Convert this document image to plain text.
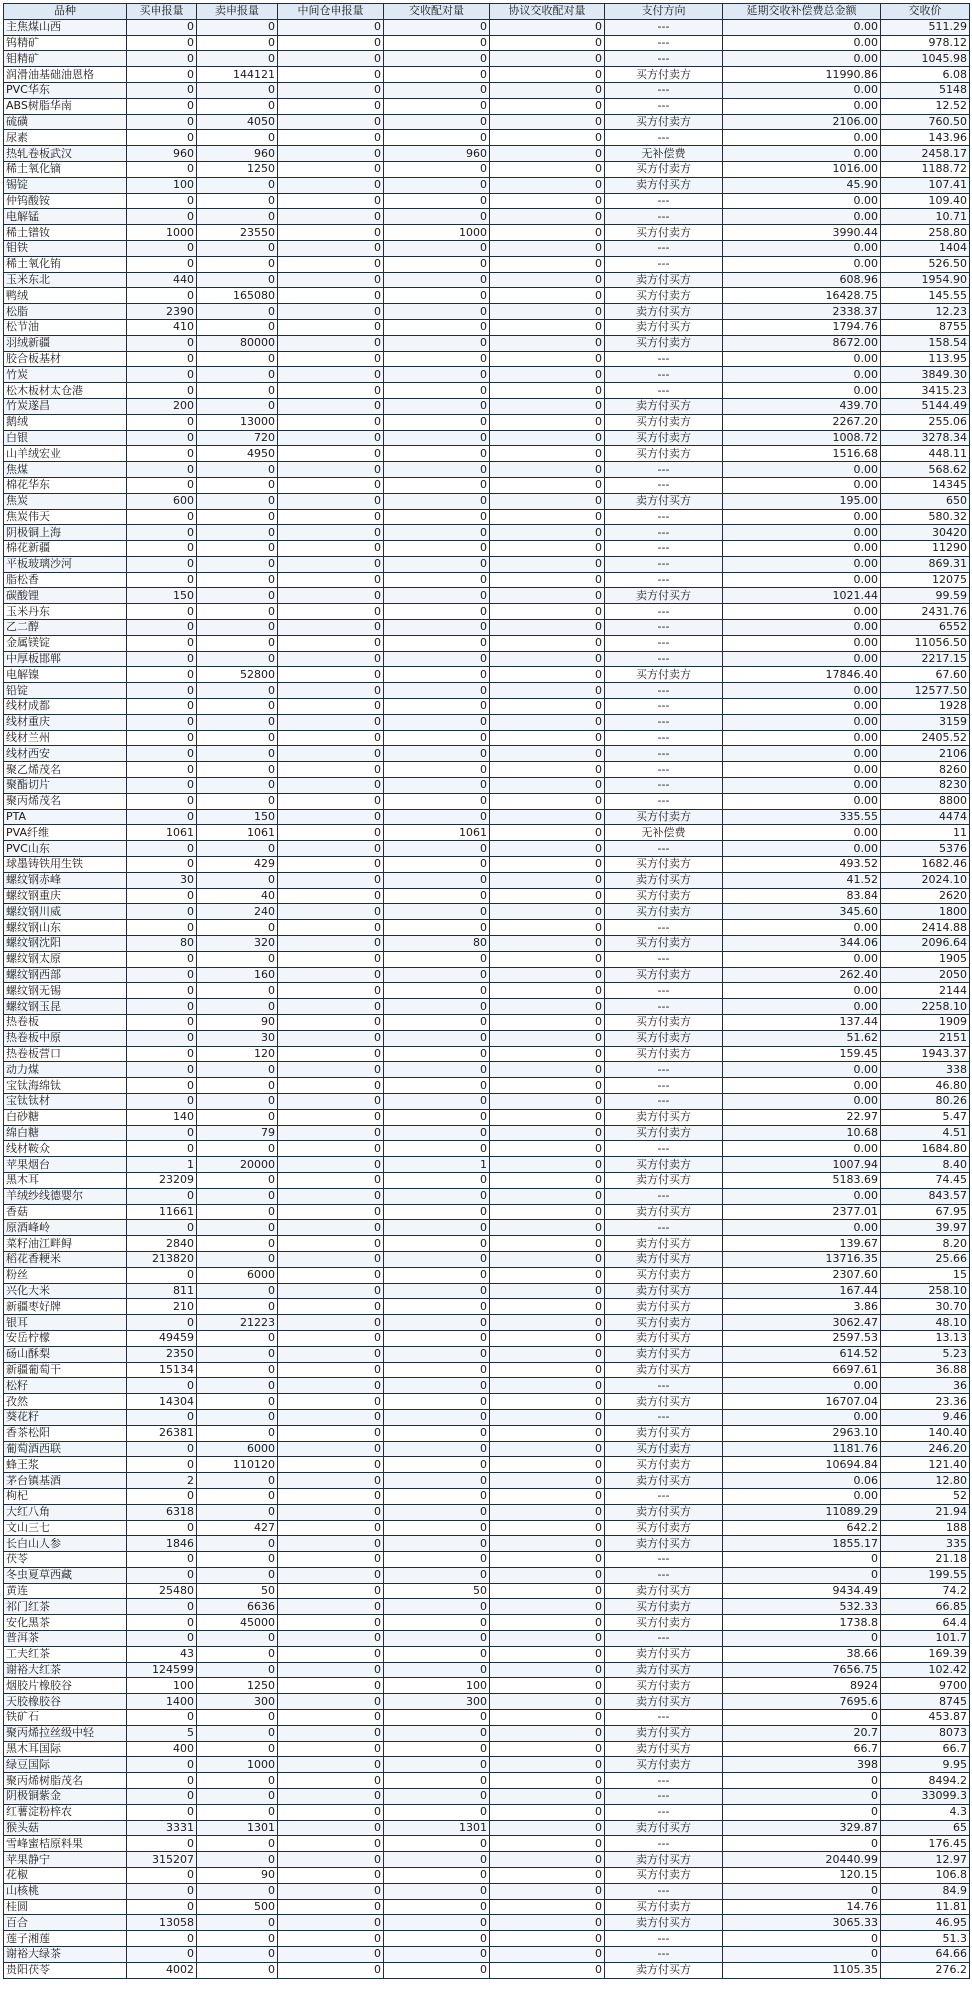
品种	买申报量	卖申报量	中间仓申报量	交收配对量	协议交收配对量	支付方向	延期交收补偿费总金额	交收价
主焦煤山西	0	0	0	0	0	---	0.00	511.29
钨精矿	0	0	0	0	0	---	0.00	978.12
钼精矿	0	0	0	0	0	---	0.00	1045.98
润滑油基础油恩格	0	144121	0	0	0	买方付卖方	11990.86	6.08
PVC华东	0	0	0	0	0	---	0.00	5148
ABS树脂华南	0	0	0	0	0	---	0.00	12.52
硫磺	0	4050	0	0	0	买方付卖方	2106.00	760.50
尿素	0	0	0	0	0	---	0.00	143.96
热轧卷板武汉	960	960	0	960	0	无补偿费	0.00	2458.17
稀土氧化镝	0	1250	0	0	0	买方付卖方	1016.00	1188.72
锡锭	100	0	0	0	0	卖方付买方	45.90	107.41
仲钨酸铵	0	0	0	0	0	---	0.00	109.40
电解锰	0	0	0	0	0	---	0.00	10.71
稀土镨钕	1000	23550	0	1000	0	买方付卖方	3990.44	258.80
钼铁	0	0	0	0	0	---	0.00	1404
稀土氧化铕	0	0	0	0	0	---	0.00	526.50
玉米东北	440	0	0	0	0	卖方付买方	608.96	1954.90
鸭绒	0	165080	0	0	0	买方付卖方	16428.75	145.55
松脂	2390	0	0	0	0	卖方付买方	2338.37	12.23
松节油	410	0	0	0	0	卖方付买方	1794.76	8755
羽绒新疆	0	80000	0	0	0	买方付卖方	8672.00	158.54
胶合板基材	0	0	0	0	0	---	0.00	113.95
竹炭	0	0	0	0	0	---	0.00	3849.30
松木板材太仓港	0	0	0	0	0	---	0.00	3415.23
竹炭遂昌	200	0	0	0	0	卖方付买方	439.70	5144.49
鹅绒	0	13000	0	0	0	买方付卖方	2267.20	255.06
白银	0	720	0	0	0	买方付卖方	1008.72	3278.34
山羊绒宏业	0	4950	0	0	0	买方付卖方	1516.68	448.11
焦煤	0	0	0	0	0	---	0.00	568.62
棉花华东	0	0	0	0	0	---	0.00	14345
焦炭	600	0	0	0	0	卖方付买方	195.00	650
焦炭伟天	0	0	0	0	0	---	0.00	580.32
阴极铜上海	0	0	0	0	0	---	0.00	30420
棉花新疆	0	0	0	0	0	---	0.00	11290
平板玻璃沙河	0	0	0	0	0	---	0.00	869.31
脂松香	0	0	0	0	0	---	0.00	12075
碳酸锂	150	0	0	0	0	卖方付买方	1021.44	99.59
玉米丹东	0	0	0	0	0	---	0.00	2431.76
乙二醇	0	0	0	0	0	---	0.00	6552
金属镁锭	0	0	0	0	0	---	0.00	11056.50
中厚板邯郸	0	0	0	0	0	---	0.00	2217.15
电解镍	0	52800	0	0	0	买方付卖方	17846.40	67.60
铅锭	0	0	0	0	0	---	0.00	12577.50
线材成都	0	0	0	0	0	---	0.00	1928
线材重庆	0	0	0	0	0	---	0.00	3159
线材兰州	0	0	0	0	0	---	0.00	2405.52
线材西安	0	0	0	0	0	---	0.00	2106
聚乙烯茂名	0	0	0	0	0	---	0.00	8260
聚酯切片	0	0	0	0	0	---	0.00	8230
聚丙烯茂名	0	0	0	0	0	---	0.00	8800
PTA	0	150	0	0	0	买方付卖方	335.55	4474
PVA纤维	1061	1061	0	1061	0	无补偿费	0.00	11
PVC山东	0	0	0	0	0	---	0.00	5376
球墨铸铁用生铁	0	429	0	0	0	买方付卖方	493.52	1682.46
螺纹钢赤峰	30	0	0	0	0	卖方付买方	41.52	2024.10
螺纹钢重庆	0	40	0	0	0	买方付卖方	83.84	2620
螺纹钢川威	0	240	0	0	0	买方付卖方	345.60	1800
螺纹钢山东	0	0	0	0	0	---	0.00	2414.88
螺纹钢沈阳	80	320	0	80	0	买方付卖方	344.06	2096.64
螺纹钢太原	0	0	0	0	0	---	0.00	1905
螺纹钢西部	0	160	0	0	0	买方付卖方	262.40	2050
螺纹钢无锡	0	0	0	0	0	---	0.00	2144
螺纹钢玉昆	0	0	0	0	0	---	0.00	2258.10
热卷板	0	90	0	0	0	买方付卖方	137.44	1909
热卷板中原	0	30	0	0	0	买方付卖方	51.62	2151
热卷板营口	0	120	0	0	0	买方付卖方	159.45	1943.37
动力煤	0	0	0	0	0	---	0.00	338
宝钛海绵钛	0	0	0	0	0	---	0.00	46.80
宝钛钛材	0	0	0	0	0	---	0.00	80.26
白砂糖	140	0	0	0	0	卖方付买方	22.97	5.47
绵白糖	0	79	0	0	0	买方付卖方	10.68	4.51
线材鞍众	0	0	0	0	0	---	0.00	1684.80
苹果烟台	1	20000	0	1	0	买方付卖方	1007.94	8.40
黑木耳	23209	0	0	0	0	卖方付买方	5183.69	74.45
羊绒纱线德婴尔	0	0	0	0	0	---	0.00	843.57
香菇	11661	0	0	0	0	卖方付买方	2377.01	67.95
原酒峰岭	0	0	0	0	0	---	0.00	39.97
菜籽油江畔鲟	2840	0	0	0	0	卖方付买方	139.67	8.20
稻花香粳米	213820	0	0	0	0	卖方付买方	13716.35	25.66
粉丝	0	6000	0	0	0	买方付卖方	2307.60	15
兴化大米	811	0	0	0	0	卖方付买方	167.44	258.10
新疆枣好牌	210	0	0	0	0	卖方付买方	3.86	30.70
银耳	0	21223	0	0	0	买方付卖方	3062.47	48.10
安岳柠檬	49459	0	0	0	0	卖方付买方	2597.53	13.13
砀山酥梨	2350	0	0	0	0	卖方付买方	614.52	5.23
新疆葡萄干	15134	0	0	0	0	卖方付买方	6697.61	36.88
松籽	0	0	0	0	0	---	0.00	36
孜然	14304	0	0	0	0	卖方付买方	16707.04	23.36
葵花籽	0	0	0	0	0	---	0.00	9.46
香茶松阳	26381	0	0	0	0	卖方付买方	2963.10	140.40
葡萄酒西联	0	6000	0	0	0	买方付卖方	1181.76	246.20
蜂王浆	0	110120	0	0	0	买方付卖方	10694.84	121.40
茅台镇基酒	2	0	0	0	0	卖方付买方	0.06	12.80
枸杞	0	0	0	0	0	---	0.00	52
大红八角	6318	0	0	0	0	卖方付买方	11089.29	21.94
文山三七	0	427	0	0	0	买方付卖方	642.2	188
长白山人参	1846	0	0	0	0	卖方付买方	1855.17	335
茯苓	0	0	0	0	0	---	0	21.18
冬虫夏草西藏	0	0	0	0	0	---	0	199.55
黄连	25480	50	0	50	0	卖方付买方	9434.49	74.2
祁门红茶	0	6636	0	0	0	买方付卖方	532.33	66.85
安化黑茶	0	45000	0	0	0	买方付卖方	1738.8	64.4
普洱茶	0	0	0	0	0	---	0	101.7
工夫红茶	43	0	0	0	0	卖方付买方	38.66	169.39
谢裕大红茶	124599	0	0	0	0	卖方付买方	7656.75	102.42
烟胶片橡胶谷	100	1250	0	100	0	买方付卖方	8924	9700
天胶橡胶谷	1400	300	0	300	0	卖方付买方	7695.6	8745
铁矿石	0	0	0	0	0	---	0	453.87
聚丙烯拉丝级中轻	5	0	0	0	0	卖方付买方	20.7	8073
黑木耳国际	400	0	0	0	0	卖方付买方	66.7	66.7
绿豆国际	0	1000	0	0	0	买方付卖方	398	9.95
聚丙烯树脂茂名	0	0	0	0	0	---	0	8494.2
阴极铜紫金	0	0	0	0	0	---	0	33099.3
红薯淀粉梓农	0	0	0	0	0	---	0	4.3
猴头菇	3331	1301	0	1301	0	卖方付买方	329.87	65
雪峰蜜桔原料果	0	0	0	0	0	---	0	176.45
苹果静宁	315207	0	0	0	0	卖方付买方	20440.99	12.97
花椒	0	90	0	0	0	买方付卖方	120.15	106.8
山核桃	0	0	0	0	0	---	0	84.9
桂圆	0	500	0	0	0	买方付卖方	14.76	11.81
百合	13058	0	0	0	0	卖方付买方	3065.33	46.95
莲子湘莲	0	0	0	0	0	---	0	51.3
谢裕大绿茶	0	0	0	0	0	---	0	64.66
贵阳茯苓	4002	0	0	0	0	卖方付买方	1105.35	276.2
